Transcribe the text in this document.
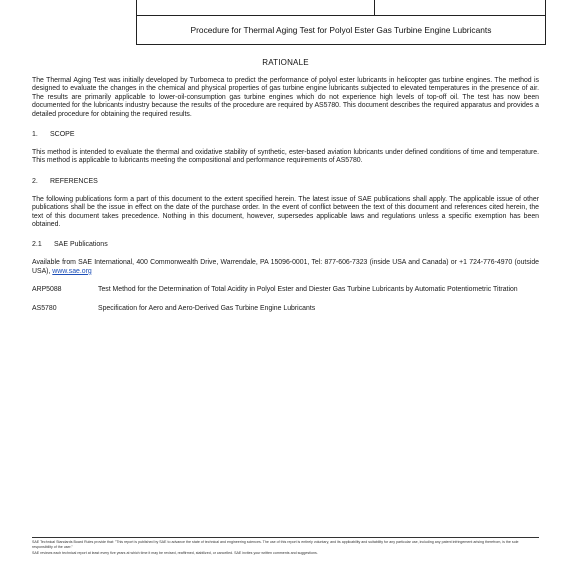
Procedure for Thermal Aging Test for Polyol Ester Gas Turbine Engine Lubricants
RATIONALE

The Thermal Aging Test was initially developed by Turbomeca to predict the performance of polyol ester lubricants in helicopter gas turbine engines. The method is designed to evaluate the changes in the chemical and physical properties of gas turbine engine lubricants subjected to elevated temperatures in the presence of air. The results are primarily applicable to lower-oil-consumption gas turbine engines which do not experience high levels of top-off oil. The test has now been documented for the lubricants industry because the results of the procedure are required by AS5780. This document describes the required apparatus and provides a detailed procedure for obtaining the required results.

1. SCOPE

This method is intended to evaluate the thermal and oxidative stability of synthetic, ester-based aviation lubricants under defined conditions of time and temperature. This method is applicable to lubricants meeting the compositional and performance requirements of AS5780.

2. REFERENCES

The following publications form a part of this document to the extent specified herein. The latest issue of SAE publications shall apply. The applicable issue of other publications shall be the issue in effect on the date of the purchase order. In the event of conflict between the text of this document and references cited herein, the text of this document takes precedence. Nothing in this document, however, supersedes applicable laws and regulations unless a specific exemption has been obtained.

2.1 SAE Publications

Available from SAE International, 400 Commonwealth Drive, Warrendale, PA 15096-0001, Tel: 877-606-7323 (inside USA and Canada) or +1 724-776-4970 (outside USA), www.sae.org

ARP5088	Test Method for the Determination of Total Acidity in Polyol Ester and Diester Gas Turbine Lubricants by Automatic Potentiometric Titration
AS5780	Specification for Aero and Aero-Derived Gas Turbine Engine Lubricants

SAE Technical Standards Board Rules provide that: "This report is published by SAE to advance the state of technical and engineering sciences. The use of this report is entirely voluntary, and its applicability and suitability for any particular use, including any patent infringement arising therefrom, is the sole responsibility of the user."

SAE reviews each technical report at least every five years at which time it may be revised, reaffirmed, stabilized, or cancelled. SAE invites your written comments and suggestions.
